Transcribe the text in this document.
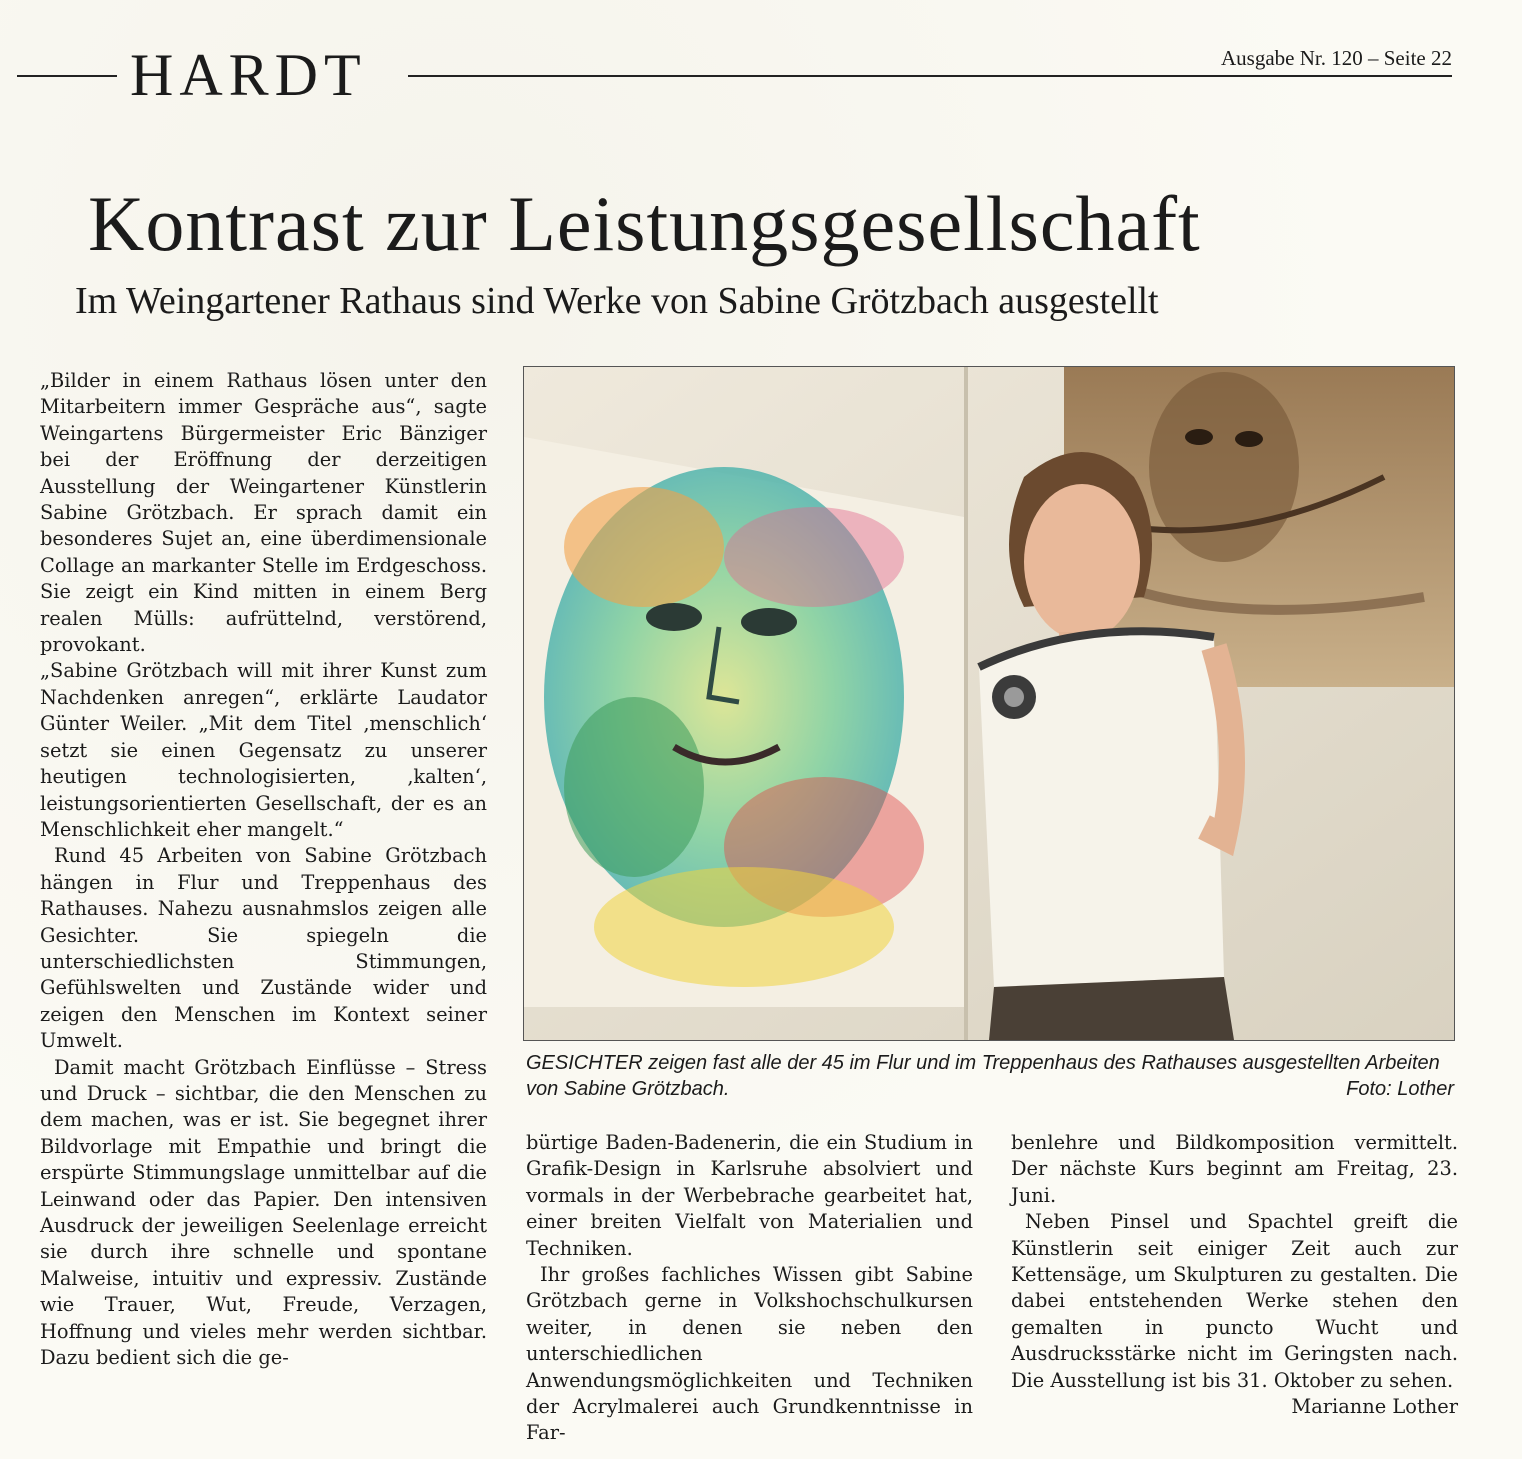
HARDT	Ausgabe Nr. 120 – Seite 22
Kontrast zur Leistungsgesellschaft
Im Weingartener Rathaus sind Werke von Sabine Grötzbach ausgestellt

„Bilder in einem Rathaus lösen unter den Mitarbeitern immer Gespräche aus“, sagte Weingartens Bürgermeister Eric Bänziger bei der Eröffnung der derzeitigen Ausstellung der Weingartener Künstlerin Sabine Grötzbach. Er sprach damit ein besonderes Sujet an, eine überdimensionale Collage an markanter Stelle im Erdgeschoss. Sie zeigt ein Kind mitten in einem Berg realen Mülls: aufrüttelnd, verstörend, provokant.

„Sabine Grötzbach will mit ihrer Kunst zum Nachdenken anregen“, erklärte Laudator Günter Weiler. „Mit dem Titel ‚menschlich‘ setzt sie einen Gegensatz zu unserer heutigen technologisierten, ‚kalten‘, leistungsorientierten Gesellschaft, der es an Menschlichkeit eher mangelt.“

Rund 45 Arbeiten von Sabine Grötzbach hängen in Flur und Treppenhaus des Rathauses. Nahezu ausnahmslos zeigen alle Gesichter. Sie spiegeln die unterschiedlichsten Stimmungen, Gefühlswelten und Zustände wider und zeigen den Menschen im Kontext seiner Umwelt.

Damit macht Grötzbach Einflüsse – Stress und Druck – sichtbar, die den Menschen zu dem machen, was er ist. Sie begegnet ihrer Bildvorlage mit Empathie und bringt die erspürte Stimmungslage unmittelbar auf die Leinwand oder das Papier. Den intensiven Ausdruck der jeweiligen Seelenlage erreicht sie durch ihre schnelle und spontane Malweise, intuitiv und expressiv. Zustände wie Trauer, Wut, Freude, Verzagen, Hoffnung und vieles mehr werden sichtbar. Dazu bedient sich die ge-

GESICHTER zeigen fast alle der 45 im Flur und im Treppenhaus des Rathauses ausgestellten Arbeiten von Sabine Grötzbach.	Foto: Lother

bürtige Baden-Badenerin, die ein Studium in Grafik-Design in Karlsruhe absolviert und vormals in der Werbebrache gearbeitet hat, einer breiten Vielfalt von Materialien und Techniken.

Ihr großes fachliches Wissen gibt Sabine Grötzbach gerne in Volkshochschulkursen weiter, in denen sie neben den unterschiedlichen Anwendungsmöglichkeiten und Techniken der Acrylmalerei auch Grundkenntnisse in Far-

benlehre und Bildkomposition vermittelt. Der nächste Kurs beginnt am Freitag, 23. Juni.

Neben Pinsel und Spachtel greift die Künstlerin seit einiger Zeit auch zur Kettensäge, um Skulpturen zu gestalten. Die dabei entstehenden Werke stehen den gemalten in puncto Wucht und Ausdrucksstärke nicht im Geringsten nach. Die Ausstellung ist bis 31. Oktober zu sehen.

Marianne Lother
